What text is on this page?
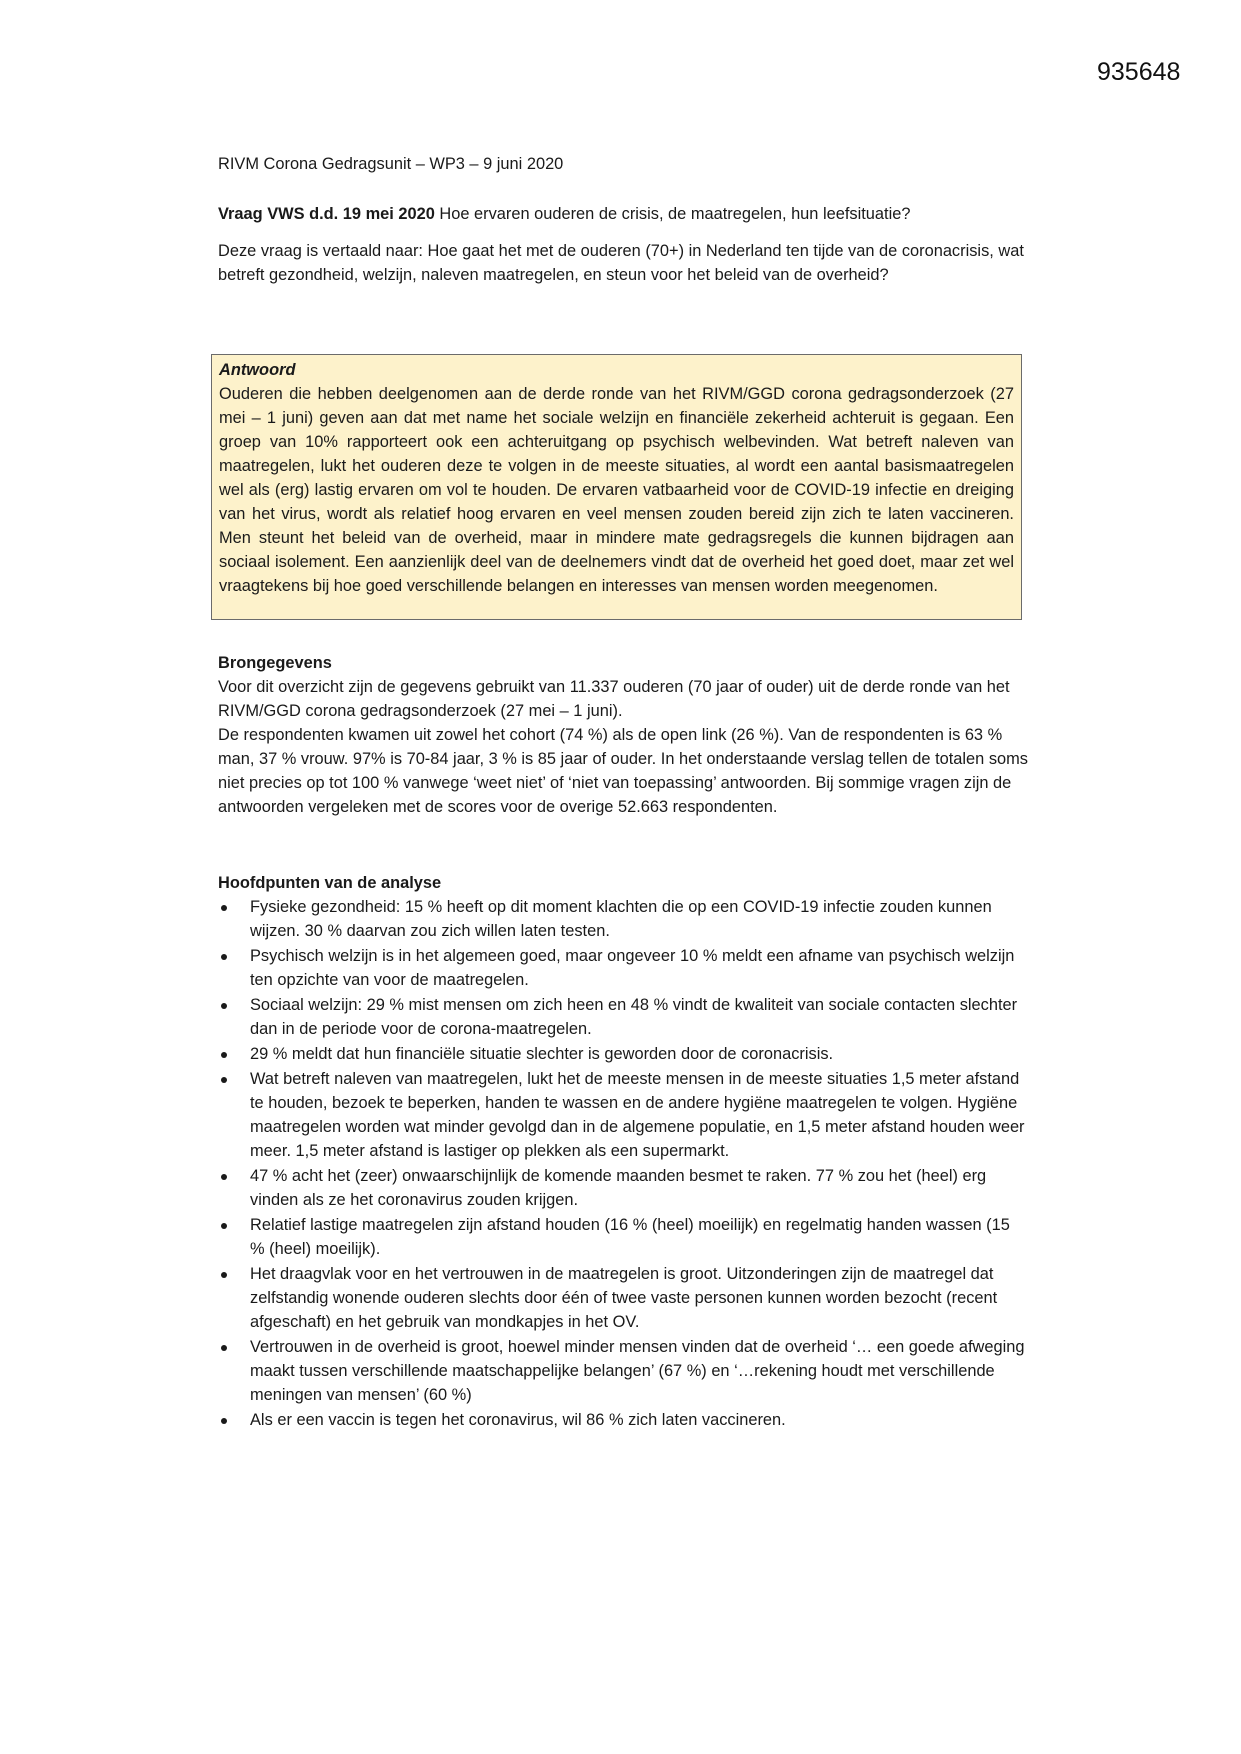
935648

RIVM Corona Gedragsunit – WP3 – 9 juni 2020

Vraag VWS d.d. 19 mei 2020 Hoe ervaren ouderen de crisis, de maatregelen, hun leefsituatie?

Deze vraag is vertaald naar: Hoe gaat het met de ouderen (70+) in Nederland ten tijde van de coronacrisis, wat betreft gezondheid, welzijn, naleven maatregelen, en steun voor het beleid van de overheid?

Antwoord

Ouderen die hebben deelgenomen aan de derde ronde van het RIVM/GGD corona gedragsonderzoek (27 mei – 1 juni) geven aan dat met name het sociale welzijn en financiële zekerheid achteruit is gegaan. Een groep van 10% rapporteert ook een achteruitgang op psychisch welbevinden. Wat betreft naleven van maatregelen, lukt het ouderen deze te volgen in de meeste situaties, al wordt een aantal basismaatregelen wel als (erg) lastig ervaren om vol te houden. De ervaren vatbaarheid voor de COVID-19 infectie en dreiging van het virus, wordt als relatief hoog ervaren en veel mensen zouden bereid zijn zich te laten vaccineren. Men steunt het beleid van de overheid, maar in mindere mate gedragsregels die kunnen bijdragen aan sociaal isolement. Een aanzienlijk deel van de deelnemers vindt dat de overheid het goed doet, maar zet wel vraagtekens bij hoe goed verschillende belangen en interesses van mensen worden meegenomen.

Brongegevens

Voor dit overzicht zijn de gegevens gebruikt van 11.337 ouderen (70 jaar of ouder) uit de derde ronde van het RIVM/GGD corona gedragsonderzoek (27 mei – 1 juni).

De respondenten kwamen uit zowel het cohort (74 %) als de open link (26 %). Van de respondenten is 63 % man, 37 % vrouw. 97% is 70-84 jaar, 3 % is 85 jaar of ouder. In het onderstaande verslag tellen de totalen soms niet precies op tot 100 % vanwege ‘weet niet’ of ‘niet van toepassing’ antwoorden. Bij sommige vragen zijn de antwoorden vergeleken met de scores voor de overige 52.663 respondenten.

Hoofdpunten van de analyse

Fysieke gezondheid: 15 % heeft op dit moment klachten die op een COVID-19 infectie zouden kunnen wijzen. 30 % daarvan zou zich willen laten testen.
Psychisch welzijn is in het algemeen goed, maar ongeveer 10 % meldt een afname van psychisch welzijn ten opzichte van voor de maatregelen.
Sociaal welzijn: 29 % mist mensen om zich heen en 48 % vindt de kwaliteit van sociale contacten slechter dan in de periode voor de corona-maatregelen.
29 % meldt dat hun financiële situatie slechter is geworden door de coronacrisis.
Wat betreft naleven van maatregelen, lukt het de meeste mensen in de meeste situaties 1,5 meter afstand te houden, bezoek te beperken, handen te wassen en de andere hygiëne maatregelen te volgen. Hygiëne maatregelen worden wat minder gevolgd dan in de algemene populatie, en 1,5 meter afstand houden weer meer. 1,5 meter afstand is lastiger op plekken als een supermarkt.
47 % acht het (zeer) onwaarschijnlijk de komende maanden besmet te raken. 77 % zou het (heel) erg vinden als ze het coronavirus zouden krijgen.
Relatief lastige maatregelen zijn afstand houden (16 % (heel) moeilijk) en regelmatig handen wassen (15 % (heel) moeilijk).
Het draagvlak voor en het vertrouwen in de maatregelen is groot. Uitzonderingen zijn de maatregel dat zelfstandig wonende ouderen slechts door één of twee vaste personen kunnen worden bezocht (recent afgeschaft) en het gebruik van mondkapjes in het OV.
Vertrouwen in de overheid is groot, hoewel minder mensen vinden dat de overheid ‘… een goede afweging maakt tussen verschillende maatschappelijke belangen’ (67 %) en ‘…rekening houdt met verschillende meningen van mensen’ (60 %)
Als er een vaccin is tegen het coronavirus, wil 86 % zich laten vaccineren.
